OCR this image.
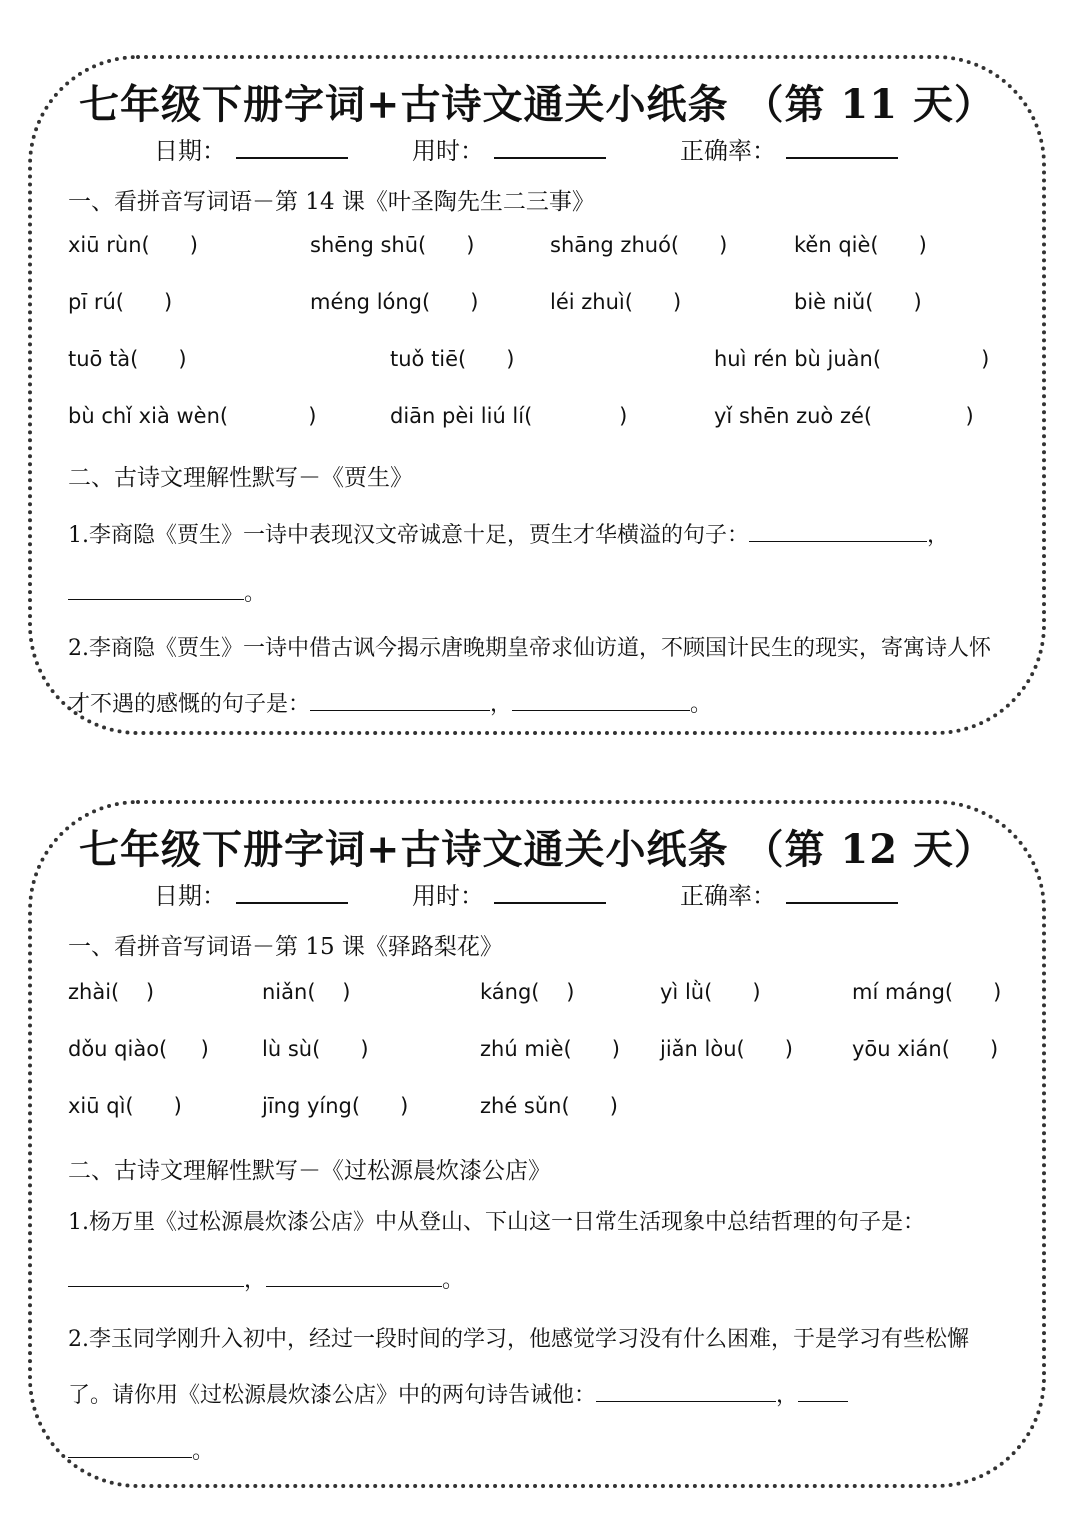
七年级下册字词+古诗文通关小纸条 （第 11 天）
日期：	用时：	正确率：
一、看拼音写词语－第 14 课《叶圣陶先生二三事》
xiū rùn(      )	shēng shū(      )	shāng zhuó(      )	kěn qiè(      )
pī rú(      )	méng lóng(      )	léi zhuì(      )	biè niǔ(      )
tuō tà(      )	tuǒ tiē(      )	huì rén bù juàn(               )
bù chǐ xià wèn(            )	diān pèi liú lí(             )	yǐ shēn zuò zé(              )
二、古诗文理解性默写－《贾生》
1.李商隐《贾生》一诗中表现汉文帝诚意十足，贾生才华横溢的句子：	，
。
2.李商隐《贾生》一诗中借古讽今揭示唐晚期皇帝求仙访道，不顾国计民生的现实，寄寓诗人怀才不遇的感慨的句子是：	，	。
七年级下册字词+古诗文通关小纸条 （第 12 天）
日期：	用时：	正确率：
一、看拼音写词语－第 15 课《驿路梨花》
zhài(    )	niǎn(    )	káng(    )	yì lǜ(      )	mí máng(      )
dǒu qiào(     )	lù sù(      )	zhú miè(      ) jiǎn lòu(      )	yōu xián(      )
xiū qì(      )	jīng yíng(      )	zhé sǔn(      )
二、古诗文理解性默写－《过松源晨炊漆公店》
1.杨万里《过松源晨炊漆公店》中从登山、下山这一日常生活现象中总结哲理的句子是：
，	。
2.李玉同学刚升入初中，经过一段时间的学习，他感觉学习没有什么困难，于是学习有些松懈了。请你用《过松源晨炊漆公店》中的两句诗告诫他：	，
。
